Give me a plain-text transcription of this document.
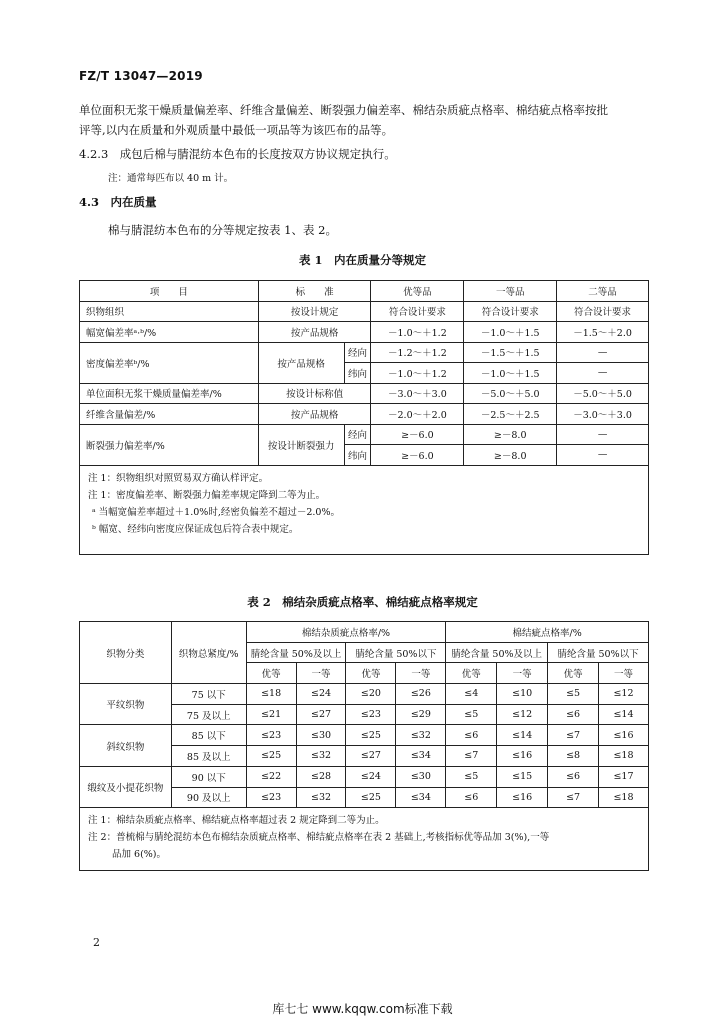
FZ/T 13047—2019
单位面积无浆干燥质量偏差率、纤维含量偏差、断裂强力偏差率、棉结杂质疵点格率、棉结疵点格率按批
评等,以内在质量和外观质量中最低一项品等为该匹布的品等。
4.2.3　成包后棉与腈混纺本色布的长度按双方协议规定执行。
注：通常每匹布以 40 m 计。
4.3　内在质量
棉与腈混纺本色布的分等规定按表 1、表 2。
表 1　内在质量分等规定
项　　目	标　　准		优等品	一等品	二等品
织物组织	按设计规定		符合设计要求	符合设计要求	符合设计要求
幅宽偏差率ᵃ·ᵇ/%	按产品规格		－1.0～＋1.2	－1.0～＋1.5	－1.5～＋2.0
密度偏差率ᵇ/%	按产品规格	经向	－1.2～＋1.2	－1.5～＋1.5	—
		纬向	－1.0～＋1.2	－1.0～＋1.5	—
单位面积无浆干燥质量偏差率/%	按设计标称值		－3.0～＋3.0	－5.0～＋5.0	－5.0～＋5.0
纤维含量偏差/%	按产品规格		－2.0～＋2.0	－2.5～＋2.5	－3.0～＋3.0
断裂强力偏差率/%	按设计断裂强力	经向	≥－6.0	≥－8.0	—
		纬向	≥－6.0	≥－8.0	—

注 1：织物组织对照贸易双方确认样评定。
注 1：密度偏差率、断裂强力偏差率规定降到二等为止。
ᵃ 当幅宽偏差率超过＋1.0%时,经密负偏差不超过－2.0%。
ᵇ 幅宽、经纬向密度应保证成包后符合表中规定。					
表 2　棉结杂质疵点格率、棉结疵点格率规定
织物分类	织物总紧度/%	棉结杂质疵点格率/%				棉结疵点格率/%			
		腈纶含量 50%及以上		腈纶含量 50%以下		腈纶含量 50%及以上		腈纶含量 50%以下	
		优等	一等	优等	一等	优等	一等	优等	一等
平纹织物	75 以下	≤18	≤24	≤20	≤26	≤4	≤10	≤5	≤12
	75 及以上	≤21	≤27	≤23	≤29	≤5	≤12	≤6	≤14
斜纹织物	85 以下	≤23	≤30	≤25	≤32	≤6	≤14	≤7	≤16
	85 及以上	≤25	≤32	≤27	≤34	≤7	≤16	≤8	≤18
缎纹及小提花织物	90 以下	≤22	≤28	≤24	≤30	≤5	≤15	≤6	≤17
	90 及以上	≤23	≤32	≤25	≤34	≤6	≤16	≤7	≤18

注 1：棉结杂质疵点格率、棉结疵点格率超过表 2 规定降到二等为止。
注 2：普梳棉与腈纶混纺本色布棉结杂质疵点格率、棉结疵点格率在表 2 基础上,考核指标优等品加 3(%),一等
品加 6(%)。									
2
库七七 www.kqqw.com标准下载
